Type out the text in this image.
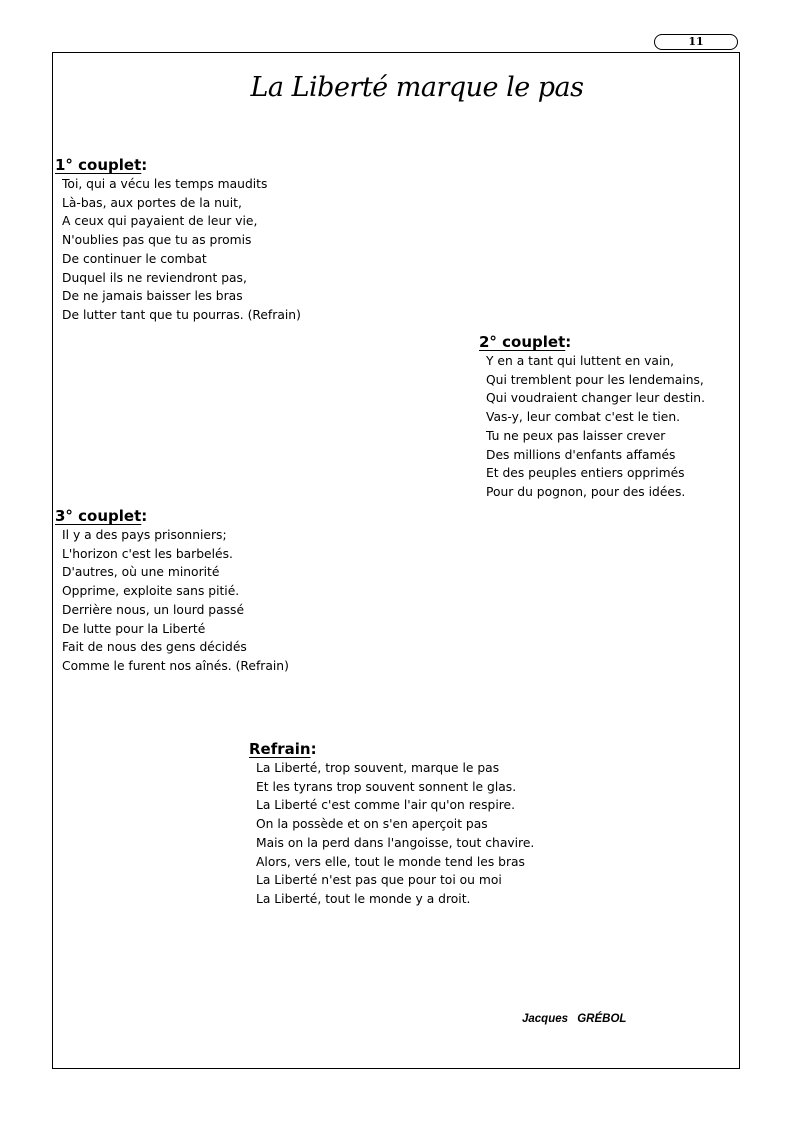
11
La Liberté marque le pas
1° couplet:
Toi, qui a vécu les temps maudits
Là-bas, aux portes de la nuit,
A ceux qui payaient de leur vie,
N'oublies pas que tu as promis
De continuer le combat
Duquel ils ne reviendront pas,
De ne jamais baisser les bras
De lutter tant que tu pourras. (Refrain)
2° couplet:
Y en a tant qui luttent en vain,
Qui tremblent pour les lendemains,
Qui voudraient changer leur destin.
Vas-y, leur combat c'est le tien.
Tu ne peux pas laisser crever
Des millions d'enfants affamés
Et des peuples entiers opprimés
Pour du pognon, pour des idées.
3° couplet:
Il y a des pays prisonniers;
L'horizon c'est les barbelés.
D'autres, où une minorité
Opprime, exploite sans pitié.
Derrière nous, un lourd passé
De lutte pour la Liberté
Fait de nous des gens décidés
Comme le furent nos aînés. (Refrain)
Refrain:
La Liberté, trop souvent, marque le pas
Et les tyrans trop souvent sonnent le glas.
La Liberté c'est comme l'air qu'on respire.
On la possède et on s'en aperçoit pas
Mais on la perd dans l'angoisse, tout chavire.
Alors, vers elle, tout le monde tend les bras
La Liberté n'est pas que pour toi ou moi
La Liberté, tout le monde y a droit.
Jacques GRÉBOL
